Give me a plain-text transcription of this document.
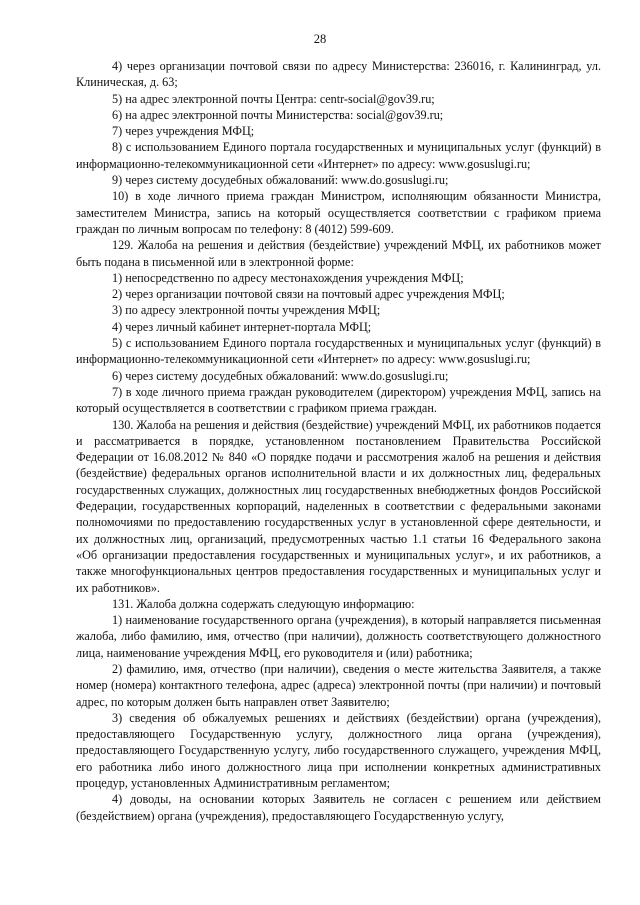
28

4) через организации почтовой связи по адресу Министерства: 236016, г. Калининград, ул. Клиническая, д. 63;

5) на адрес электронной почты Центра: centr-social@gov39.ru;

6) на адрес электронной почты Министерства: social@gov39.ru;

7) через учреждения МФЦ;

8) с использованием Единого портала государственных и муниципальных услуг (функций) в информационно-телекоммуникационной сети «Интернет» по адресу: www.gosuslugi.ru;

9) через систему досудебных обжалований: www.do.gosuslugi.ru;

10) в ходе личного приема граждан Министром, исполняющим обязанности Министра, заместителем Министра, запись на который осуществляется соответствии с графиком приема граждан по личным вопросам по телефону: 8 (4012) 599-609.

129. Жалоба на решения и действия (бездействие) учреждений МФЦ, их работников может быть подана в письменной или в электронной форме:

1) непосредственно по адресу местонахождения учреждения МФЦ;

2) через организации почтовой связи на почтовый адрес учреждения МФЦ;

3) по адресу электронной почты учреждения МФЦ;

4) через личный кабинет интернет-портала МФЦ;

5) с использованием Единого портала государственных и муниципальных услуг (функций) в информационно-телекоммуникационной сети «Интернет» по адресу: www.gosuslugi.ru;

6) через систему досудебных обжалований: www.do.gosuslugi.ru;

7) в ходе личного приема граждан руководителем (директором) учреждения МФЦ, запись на который осуществляется в соответствии с графиком приема граждан.

130. Жалоба на решения и действия (бездействие) учреждений МФЦ, их работников подается и рассматривается в порядке, установленном постановлением Правительства Российской Федерации от 16.08.2012 № 840 «О порядке подачи и рассмотрения жалоб на решения и действия (бездействие) федеральных органов исполнительной власти и их должностных лиц, федеральных государственных служащих, должностных лиц государственных внебюджетных фондов Российской Федерации, государственных корпораций, наделенных в соответствии с федеральными законами полномочиями по предоставлению государственных услуг в установленной сфере деятельности, и их должностных лиц, организаций, предусмотренных частью 1.1 статьи 16 Федерального закона «Об организации предоставления государственных и муниципальных услуг», и их работников, а также многофункциональных центров предоставления государственных и муниципальных услуг и их работников».

131. Жалоба должна содержать следующую информацию:

1) наименование государственного органа (учреждения), в который направляется письменная жалоба, либо фамилию, имя, отчество (при наличии), должность соответствующего должностного лица, наименование учреждения МФЦ, его руководителя и (или) работника;

2) фамилию, имя, отчество (при наличии), сведения о месте жительства Заявителя, а также номер (номера) контактного телефона, адрес (адреса) электронной почты (при наличии) и почтовый адрес, по которым должен быть направлен ответ Заявителю;

3) сведения об обжалуемых решениях и действиях (бездействии) органа (учреждения), предоставляющего Государственную услугу, должностного лица органа (учреждения), предоставляющего Государственную услугу, либо государственного служащего, учреждения МФЦ, его работника либо иного должностного лица при исполнении конкретных административных процедур, установленных Административным регламентом;

4) доводы, на основании которых Заявитель не согласен с решением или действием (бездействием) органа (учреждения), предоставляющего Государственную услугу,
